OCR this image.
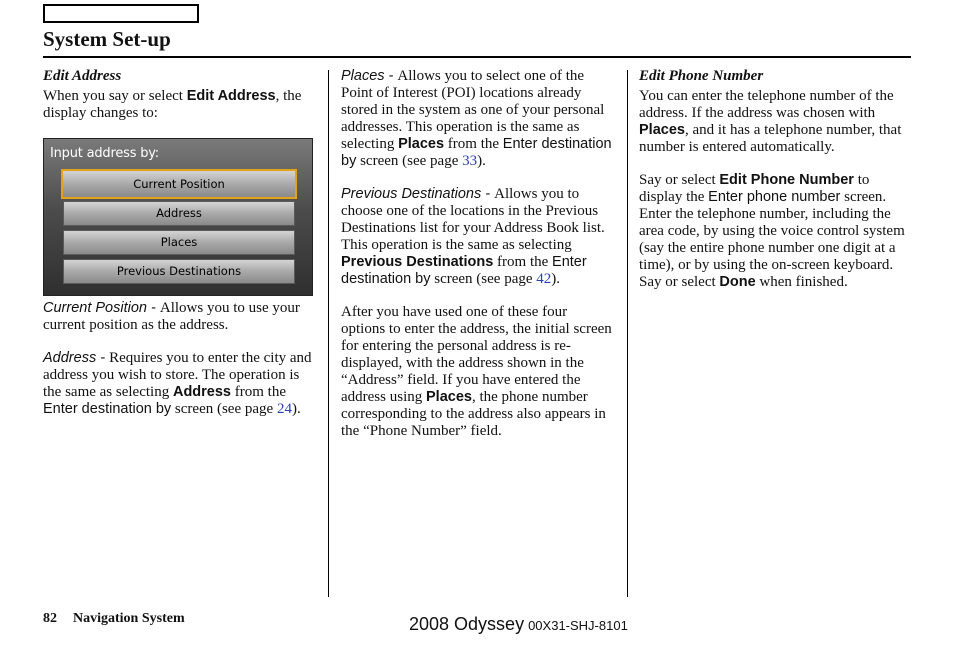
System Set-up
Edit Address

When you say or select Edit Address, the display changes to:

Input address by:
Current Position
Address
Places
Previous Destinations

Current Position - Allows you to use your current position as the address.

Address - Requires you to enter the city and address you wish to store. The operation is the same as selecting Address from the Enter destination by screen (see page 24).

Places - Allows you to select one of the Point of Interest (POI) locations already stored in the system as one of your personal addresses. This operation is the same as selecting Places from the Enter destination by screen (see page 33).

Previous Destinations - Allows you to choose one of the locations in the Previous Destinations list for your Address Book list. This operation is the same as selecting Previous Destinations from the Enter destination by screen (see page 42).

After you have used one of these four options to enter the address, the initial screen for entering the personal address is re-displayed, with the address shown in the “Address” field. If you have entered the address using Places, the phone number corresponding to the address also appears in the “Phone Number” field.

Edit Phone Number

You can enter the telephone number of the address. If the address was chosen with Places, and it has a telephone number, that number is entered automatically.

Say or select Edit Phone Number to display the Enter phone number screen. Enter the telephone number, including the area code, by using the voice control system (say the entire phone number one digit at a time), or by using the on-screen keyboard. Say or select Done when finished.

82 Navigation System	2008 Odyssey 00X31-SHJ-8101
